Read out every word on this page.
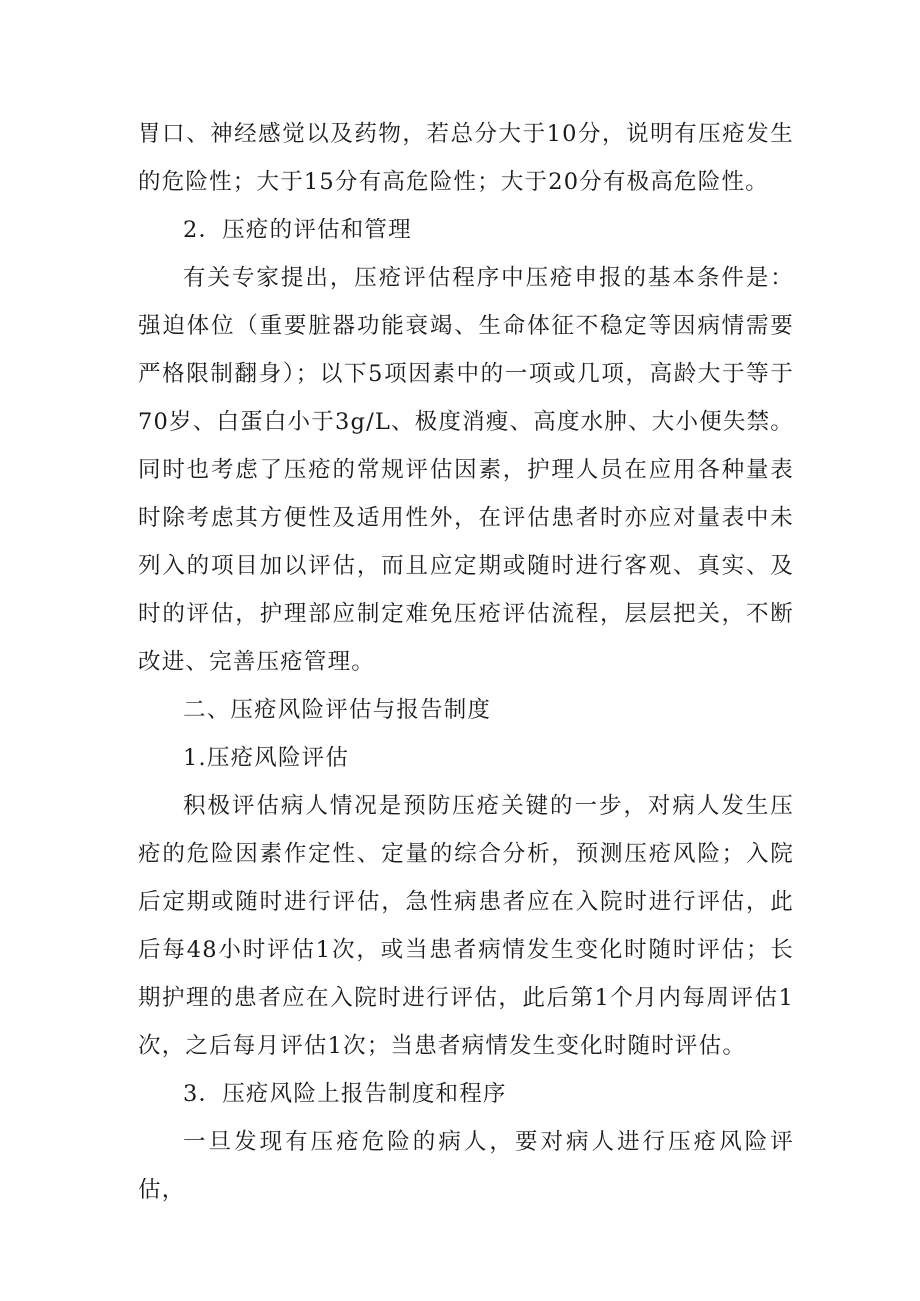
胃口、神经感觉以及药物，若总分大于10分，说明有压疮发生的危险性；大于15分有高危险性；大于20分有极高危险性。

2．压疮的评估和管理

有关专家提出，压疮评估程序中压疮申报的基本条件是：强迫体位（重要脏器功能衰竭、生命体征不稳定等因病情需要严格限制翻身）；以下5项因素中的一项或几项，高龄大于等于70岁、白蛋白小于3g/L、极度消瘦、高度水肿、大小便失禁。同时也考虑了压疮的常规评估因素，护理人员在应用各种量表时除考虑其方便性及适用性外，在评估患者时亦应对量表中未列入的项目加以评估，而且应定期或随时进行客观、真实、及时的评估，护理部应制定难免压疮评估流程，层层把关，不断改进、完善压疮管理。

二、压疮风险评估与报告制度

1.压疮风险评估

积极评估病人情况是预防压疮关键的一步，对病人发生压疮的危险因素作定性、定量的综合分析，预测压疮风险；入院后定期或随时进行评估，急性病患者应在入院时进行评估，此后每48小时评估1次，或当患者病情发生变化时随时评估；长期护理的患者应在入院时进行评估，此后第1个月内每周评估1次，之后每月评估1次；当患者病情发生变化时随时评估。

3．压疮风险上报告制度和程序

一旦发现有压疮危险的病人，要对病人进行压疮风险评估，
